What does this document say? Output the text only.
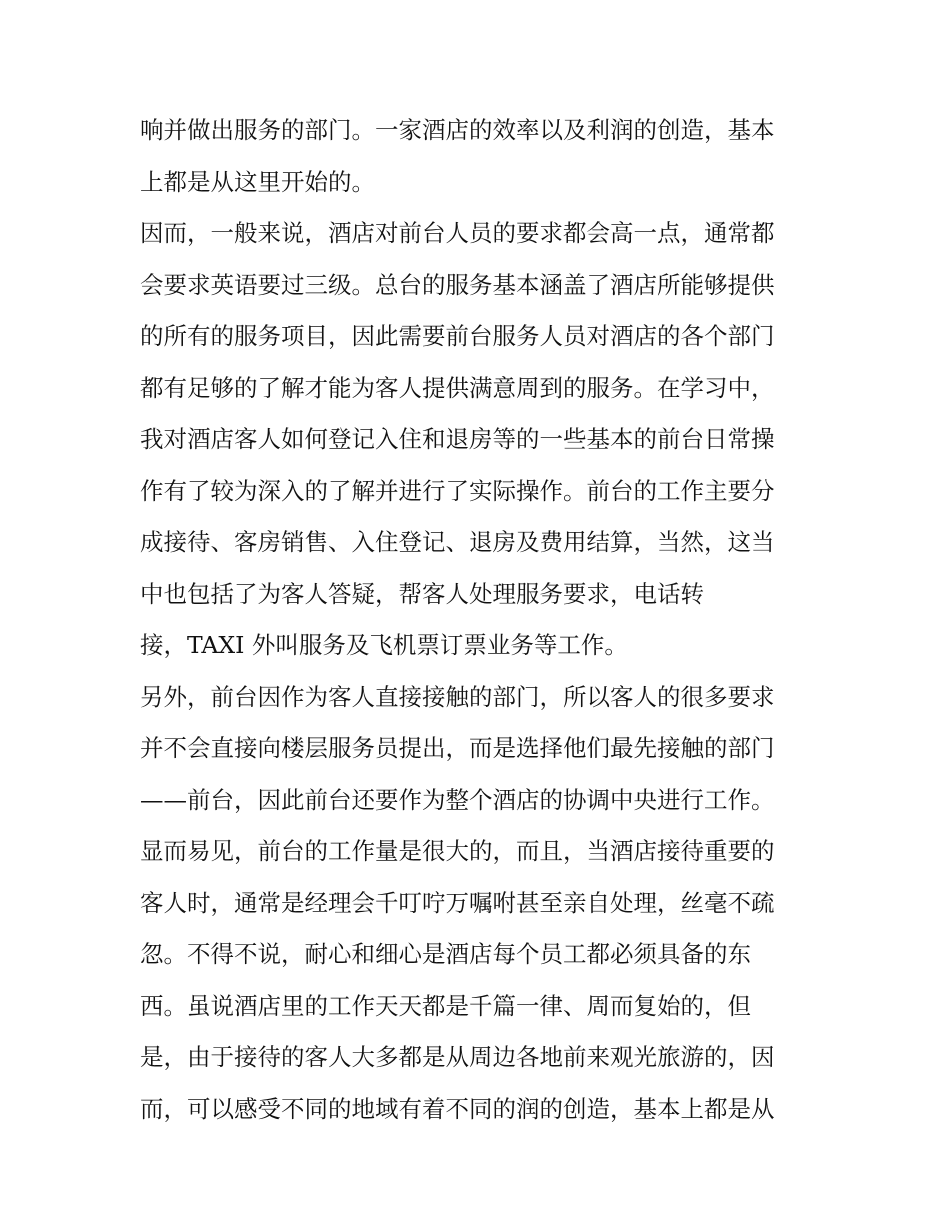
响并做出服务的部门。一家酒店的效率以及利润的创造，基本
上都是从这里开始的。
因而，一般来说，酒店对前台人员的要求都会高一点，通常都
会要求英语要过三级。总台的服务基本涵盖了酒店所能够提供
的所有的服务项目，因此需要前台服务人员对酒店的各个部门
都有足够的了解才能为客人提供满意周到的服务。在学习中，
我对酒店客人如何登记入住和退房等的一些基本的前台日常操
作有了较为深入的了解并进行了实际操作。前台的工作主要分
成接待、客房销售、入住登记、退房及费用结算，当然，这当
中也包括了为客人答疑，帮客人处理服务要求，电话转
接，TAXI 外叫服务及飞机票订票业务等工作。
另外，前台因作为客人直接接触的部门，所以客人的很多要求
并不会直接向楼层服务员提出，而是选择他们最先接触的部门
——前台，因此前台还要作为整个酒店的协调中央进行工作。
显而易见，前台的工作量是很大的，而且，当酒店接待重要的
客人时，通常是经理会千叮咛万嘱咐甚至亲自处理，丝毫不疏
忽。不得不说，耐心和细心是酒店每个员工都必须具备的东
西。虽说酒店里的工作天天都是千篇一律、周而复始的，但
是，由于接待的客人大多都是从周边各地前来观光旅游的，因
而，可以感受不同的地域有着不同的润的创造，基本上都是从
